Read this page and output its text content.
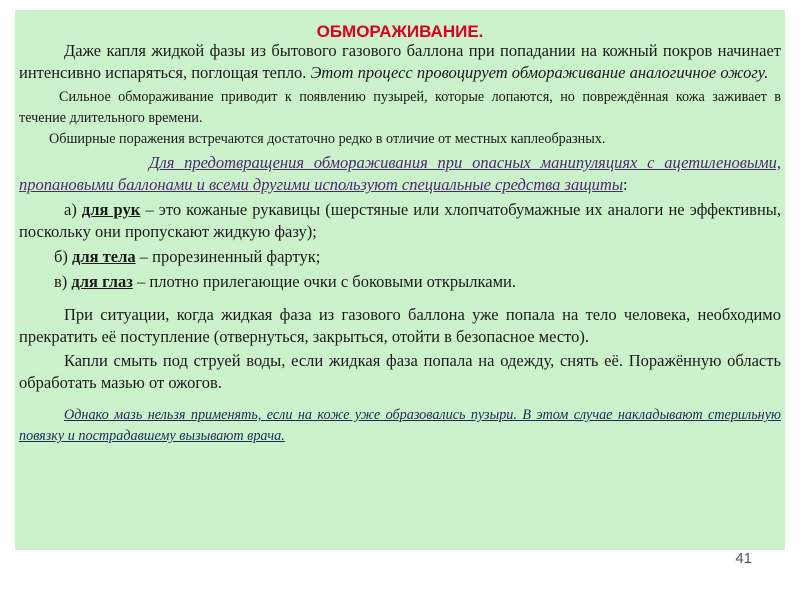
ОБМОРАЖИВАНИЕ.

Даже капля жидкой фазы из бытового газового баллона при попадании на кожный покров начинает интенсивно испаряться, поглощая тепло. Этот процесс провоцирует обмораживание аналогичное ожогу.

Сильное обмораживание приводит к появлению пузырей, которые лопаются, но повреждённая кожа заживает в течение длительного времени.

Обширные поражения встречаются достаточно редко в отличие от местных каплеобразных.

Для предотвращения обмораживания при опасных манипуляциях с ацетиленовыми, пропановыми баллонами и всеми другими используют специальные средства защиты:

а) для рук – это кожаные рукавицы (шерстяные или хлопчатобумажные их аналоги не эффективны, поскольку они пропускают жидкую фазу);

б) для тела – прорезиненный фартук;

в) для глаз – плотно прилегающие очки с боковыми открылками.

При ситуации, когда жидкая фаза из газового баллона уже попала на тело человека, необходимо прекратить её поступление (отвернуться, закрыться, отойти в безопасное место).

Капли смыть под струей воды, если жидкая фаза попала на одежду, снять её. Поражённую область обработать мазью от ожогов.

Однако мазь нельзя применять, если на коже уже образовались пузыри. В этом случае накладывают стерильную повязку и пострадавшему вызывают врача.

41
